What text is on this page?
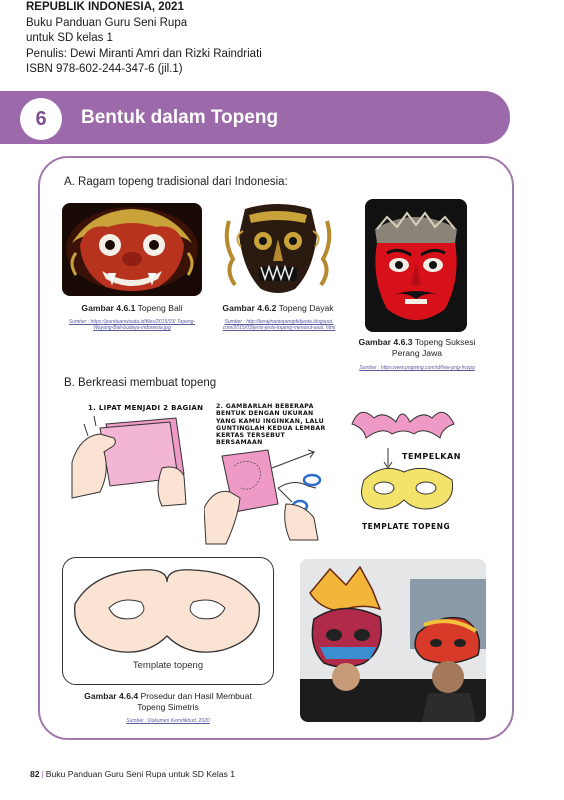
REPUBLIK INDONESIA, 2021
Buku Panduan Guru Seni Rupa
untuk SD kelas 1
Penulis: Dewi Miranti Amri dan Rizki Raindriati
ISBN 978-602-244-347-6 (jil.1)
6	Bentuk dalam Topeng
A. Ragam topeng tradisional dari Indonesia:
Gambar 4.6.1 Topeng Bali
Sumber : https://panduanwisata.id/files/2015/03/ Topeng-Wayang-Bali-budaya-indonesia.jpg
Gambar 4.6.2 Topeng Dayak
Sumber : http://kerajinantopengdidjenta.blogspot. com/2015/03/jenis-jenis-topeng-menurut-asal. html
Gambar 4.6.3 Topeng Suksesi
Perang Jawa
Sumber : https:www.pngwing.com/id/free-png-hvzpq
B. Berkreasi membuat topeng
1. LIPAT MENJADI 2 BAGIAN 2. GAMBARLAH BEBERAPA
BENTUK DENGAN UKURAN
YANG KAMU INGINKAN, LALU
GUNTINGLAH KEDUA LEMBAR
KERTAS TERSEBUT
BERSAMAAN
TEMPELKAN
TEMPLATE TOPENG
Template topeng
Gambar 4.6.4 Prosedur dan Hasil Membuat
Topeng Simetris
Sumber : Dokumen Kemdikbud, 2020
82 | Buku Panduan Guru Seni Rupa untuk SD Kelas 1
